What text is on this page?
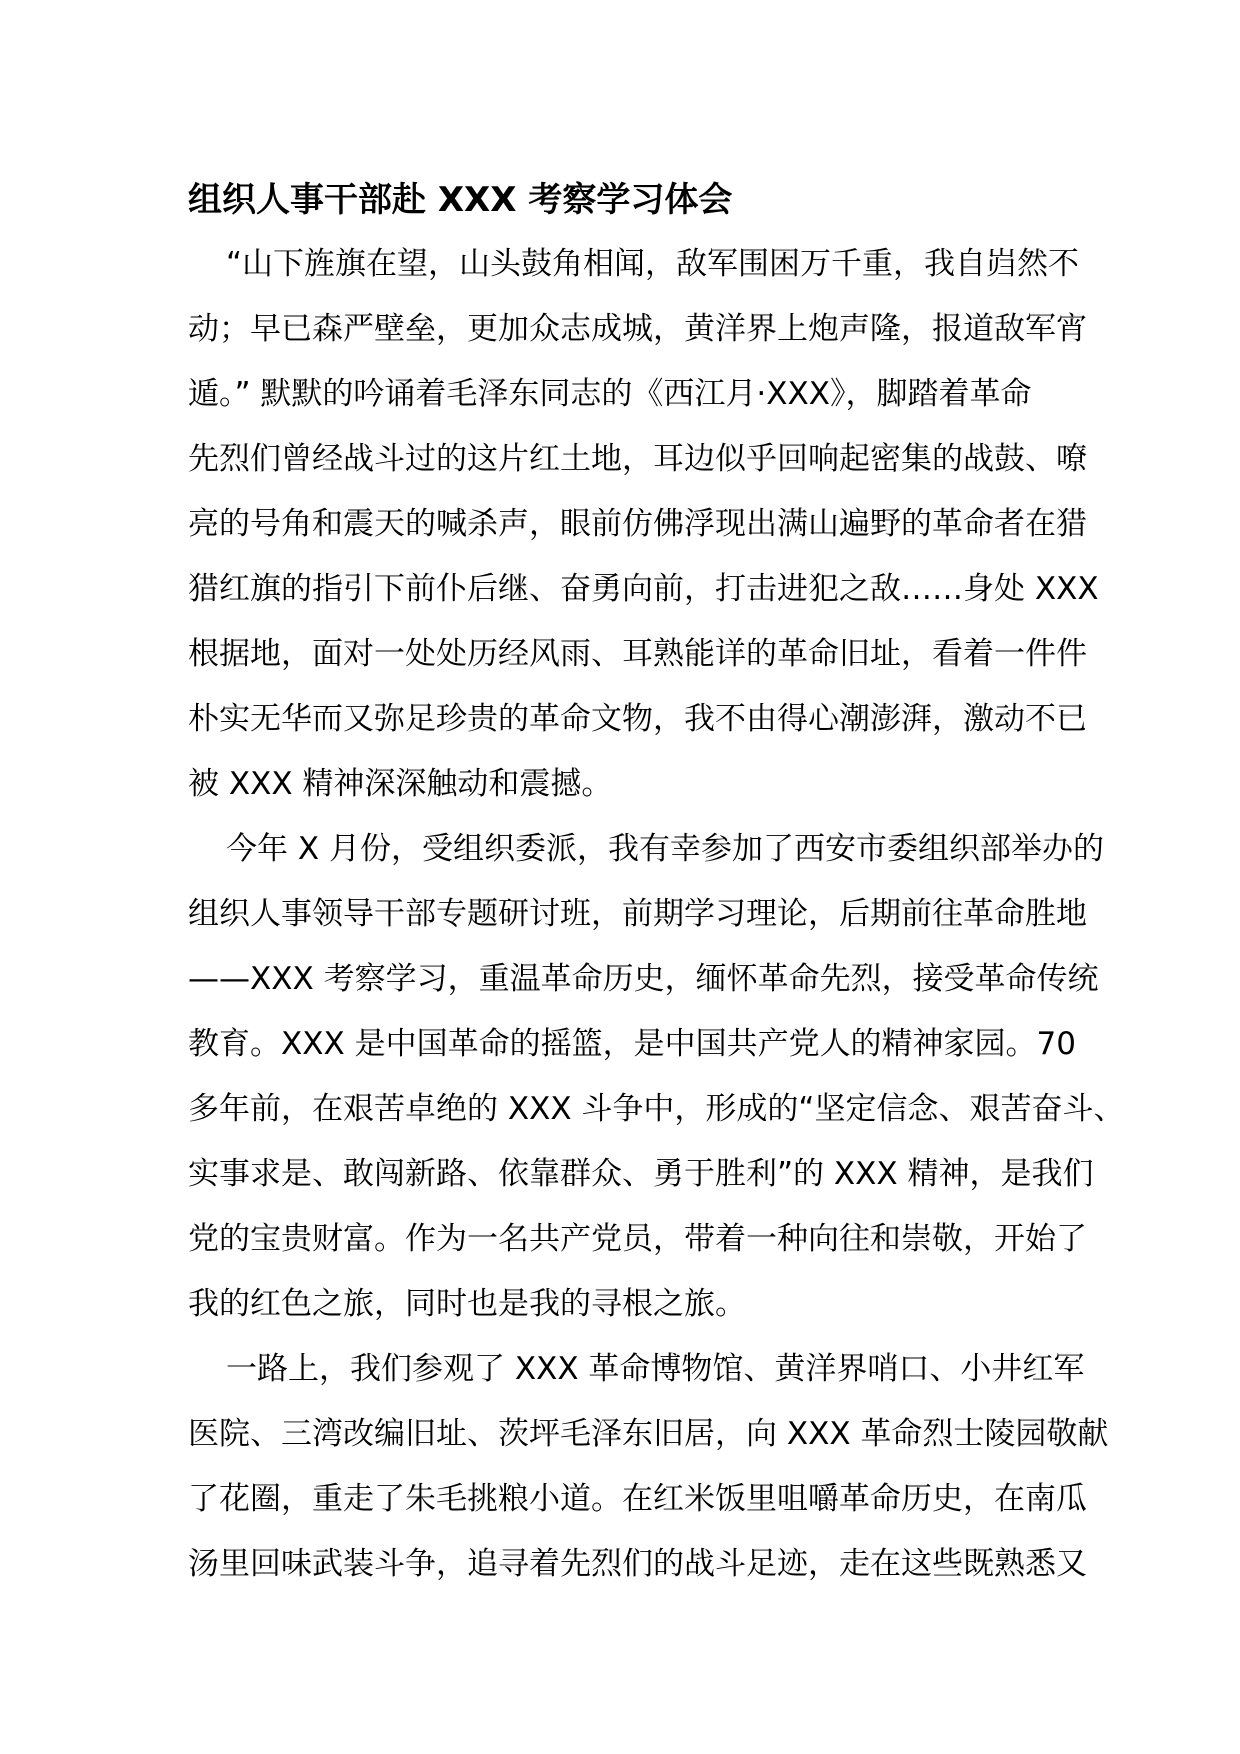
组织人事干部赴 XXX 考察学习体会
“山下旌旗在望，山头鼓角相闻，敌军围困万千重，我自岿然不
动；早已森严壁垒，更加众志成城，黄洋界上炮声隆，报道敌军宵
遁。” 默默的吟诵着毛泽东同志的《西江月·XXX》，脚踏着革命
先烈们曾经战斗过的这片红土地，耳边似乎回响起密集的战鼓、嘹
亮的号角和震天的喊杀声，眼前仿佛浮现出满山遍野的革命者在猎
猎红旗的指引下前仆后继、奋勇向前，打击进犯之敌……身处 XXX
根据地，面对一处处历经风雨、耳熟能详的革命旧址，看着一件件
朴实无华而又弥足珍贵的革命文物，我不由得心潮澎湃，激动不已
被 XXX 精神深深触动和震撼。
今年 X 月份，受组织委派，我有幸参加了西安市委组织部举办的
组织人事领导干部专题研讨班，前期学习理论，后期前往革命胜地
——XXX 考察学习，重温革命历史，缅怀革命先烈，接受革命传统
教育。XXX 是中国革命的摇篮，是中国共产党人的精神家园。70
多年前，在艰苦卓绝的 XXX 斗争中，形成的“坚定信念、艰苦奋斗、
实事求是、敢闯新路、依靠群众、勇于胜利”的 XXX 精神，是我们
党的宝贵财富。作为一名共产党员，带着一种向往和崇敬，开始了
我的红色之旅，同时也是我的寻根之旅。
一路上，我们参观了 XXX 革命博物馆、黄洋界哨口、小井红军
医院、三湾改编旧址、茨坪毛泽东旧居，向 XXX 革命烈士陵园敬献
了花圈，重走了朱毛挑粮小道。在红米饭里咀嚼革命历史，在南瓜
汤里回味武装斗争，追寻着先烈们的战斗足迹，走在这些既熟悉又
